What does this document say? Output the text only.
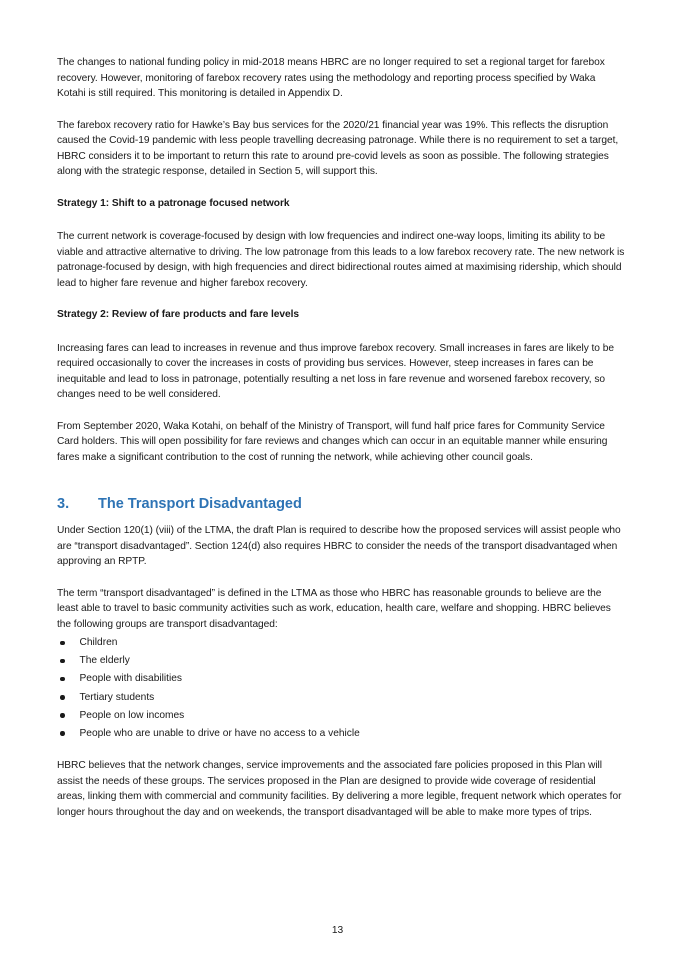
The changes to national funding policy in mid-2018 means HBRC are no longer required to set a regional target for farebox recovery. However, monitoring of farebox recovery rates using the methodology and reporting process specified by Waka Kotahi is still required. This monitoring is detailed in Appendix D.

The farebox recovery ratio for Hawke’s Bay bus services for the 2020/21 financial year was 19%. This reflects the disruption caused the Covid-19 pandemic with less people travelling decreasing patronage. While there is no requirement to set a target, HBRC considers it to be important to return this rate to around pre-covid levels as soon as possible. The following strategies along with the strategic response, detailed in Section 5, will support this.

Strategy 1: Shift to a patronage focused network

The current network is coverage-focused by design with low frequencies and indirect one-way loops, limiting its ability to be viable and attractive alternative to driving. The low patronage from this leads to a low farebox recovery rate. The new network is patronage-focused by design, with high frequencies and direct bidirectional routes aimed at maximising ridership, which should lead to higher fare revenue and higher farebox recovery.

Strategy 2: Review of fare products and fare levels

Increasing fares can lead to increases in revenue and thus improve farebox recovery. Small increases in fares are likely to be required occasionally to cover the increases in costs of providing bus services. However, steep increases in fares can be inequitable and lead to loss in patronage, potentially resulting a net loss in fare revenue and worsened farebox recovery, so changes need to be well considered.

From September 2020, Waka Kotahi, on behalf of the Ministry of Transport, will fund half price fares for Community Service Card holders. This will open possibility for fare reviews and changes which can occur in an equitable manner while ensuring fares make a significant contribution to the cost of running the network, while achieving other council goals.

3.	The Transport Disadvantaged

Under Section 120(1) (viii) of the LTMA, the draft Plan is required to describe how the proposed services will assist people who are “transport disadvantaged”. Section 124(d) also requires HBRC to consider the needs of the transport disadvantaged when approving an RPTP.

The term “transport disadvantaged” is defined in the LTMA as those who HBRC has reasonable grounds to believe are the least able to travel to basic community activities such as work, education, health care, welfare and shopping. HBRC believes the following groups are transport disadvantaged:

Children
The elderly
People with disabilities
Tertiary students
People on low incomes
People who are unable to drive or have no access to a vehicle

HBRC believes that the network changes, service improvements and the associated fare policies proposed in this Plan will assist the needs of these groups. The services proposed in the Plan are designed to provide wide coverage of residential areas, linking them with commercial and community facilities. By delivering a more legible, frequent network which operates for longer hours throughout the day and on weekends, the transport disadvantaged will be able to make more types of trips.

13
